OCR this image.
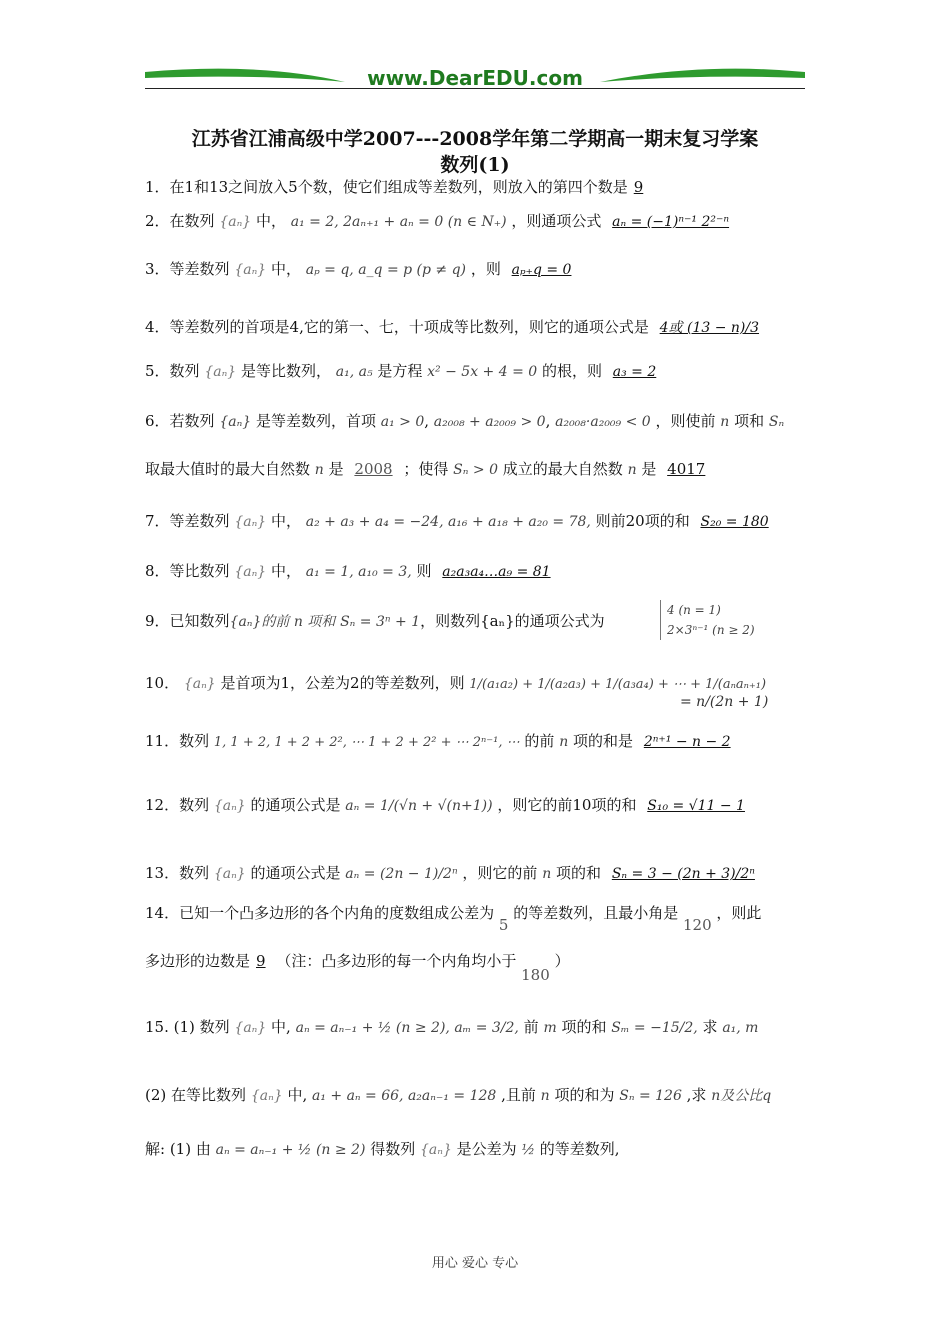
www.DearEDU.com
江苏省江浦高级中学2007---2008学年第二学期高一期末复习学案
数列(1)
1．在1和13之间放入5个数，使它们组成等差数列，则放入的第四个数是 9
2．在数列 {aₙ} 中， a₁ = 2, 2aₙ₊₁ + aₙ = 0 (n ∈ N₊) ，则通项公式 aₙ = (−1)ⁿ⁻¹ 2²⁻ⁿ
3．等差数列 {aₙ} 中， aₚ = q, a_q = p (p ≠ q) ，则 aₚ₊q = 0
4．等差数列的首项是4,它的第一、七，十项成等比数列，则它的通项公式是 4或 (13 − n)/3
5．数列 {aₙ} 是等比数列， a₁, a₅ 是方程 x² − 5x + 4 = 0 的根，则 a₃ = 2
6．若数列 {aₙ} 是等差数列，首项 a₁ > 0, a₂₀₀₈ + a₂₀₀₉ > 0, a₂₀₀₈·a₂₀₀₉ < 0 ，则使前 n 项和 Sₙ
取最大值时的最大自然数 n 是 2008 ；使得 Sₙ > 0 成立的最大自然数 n 是 4017
7．等差数列 {aₙ} 中， a₂ + a₃ + a₄ = −24, a₁₆ + a₁₈ + a₂₀ = 78, 则前20项的和 S₂₀ = 180
8．等比数列 {aₙ} 中， a₁ = 1, a₁₀ = 3, 则 a₂a₃a₄…a₉ = 81
9．已知数列{aₙ}的前 n 项和 Sₙ = 3ⁿ + 1，则数列{aₙ}的通项公式为
4 (n = 1)
2×3ⁿ⁻¹ (n ≥ 2)
10． {aₙ} 是首项为1，公差为2的等差数列，则 1/(a₁a₂) + 1/(a₂a₃) + 1/(a₃a₄) + ⋯ + 1/(aₙaₙ₊₁)
= n/(2n + 1)
11．数列 1, 1 + 2, 1 + 2 + 2², ⋯ 1 + 2 + 2² + ⋯ 2ⁿ⁻¹, ⋯ 的前 n 项的和是 2ⁿ⁺¹ − n − 2
12．数列 {aₙ} 的通项公式是 aₙ = 1/(√n + √(n+1)) ，则它的前10项的和 S₁₀ = √11 − 1
13．数列 {aₙ} 的通项公式是 aₙ = (2n − 1)/2ⁿ ，则它的前 n 项的和 Sₙ = 3 − (2n + 3)/2ⁿ
14．已知一个凸多边形的各个内角的度数组成公差为 5 的等差数列，且最小角是 120 ，则此
多边形的边数是 9 （注：凸多边形的每一个内角均小于 180 ）
15. (1) 数列 {aₙ} 中, aₙ = aₙ₋₁ + ½ (n ≥ 2), aₘ = 3/2, 前 m 项的和 Sₘ = −15/2, 求 a₁, m
(2) 在等比数列 {aₙ} 中, a₁ + aₙ = 66, a₂aₙ₋₁ = 128 ,且前 n 项的和为 Sₙ = 126 ,求 n及公比q
解: (1) 由 aₙ = aₙ₋₁ + ½ (n ≥ 2) 得数列 {aₙ} 是公差为 ½ 的等差数列,
用心 爱心 专心
